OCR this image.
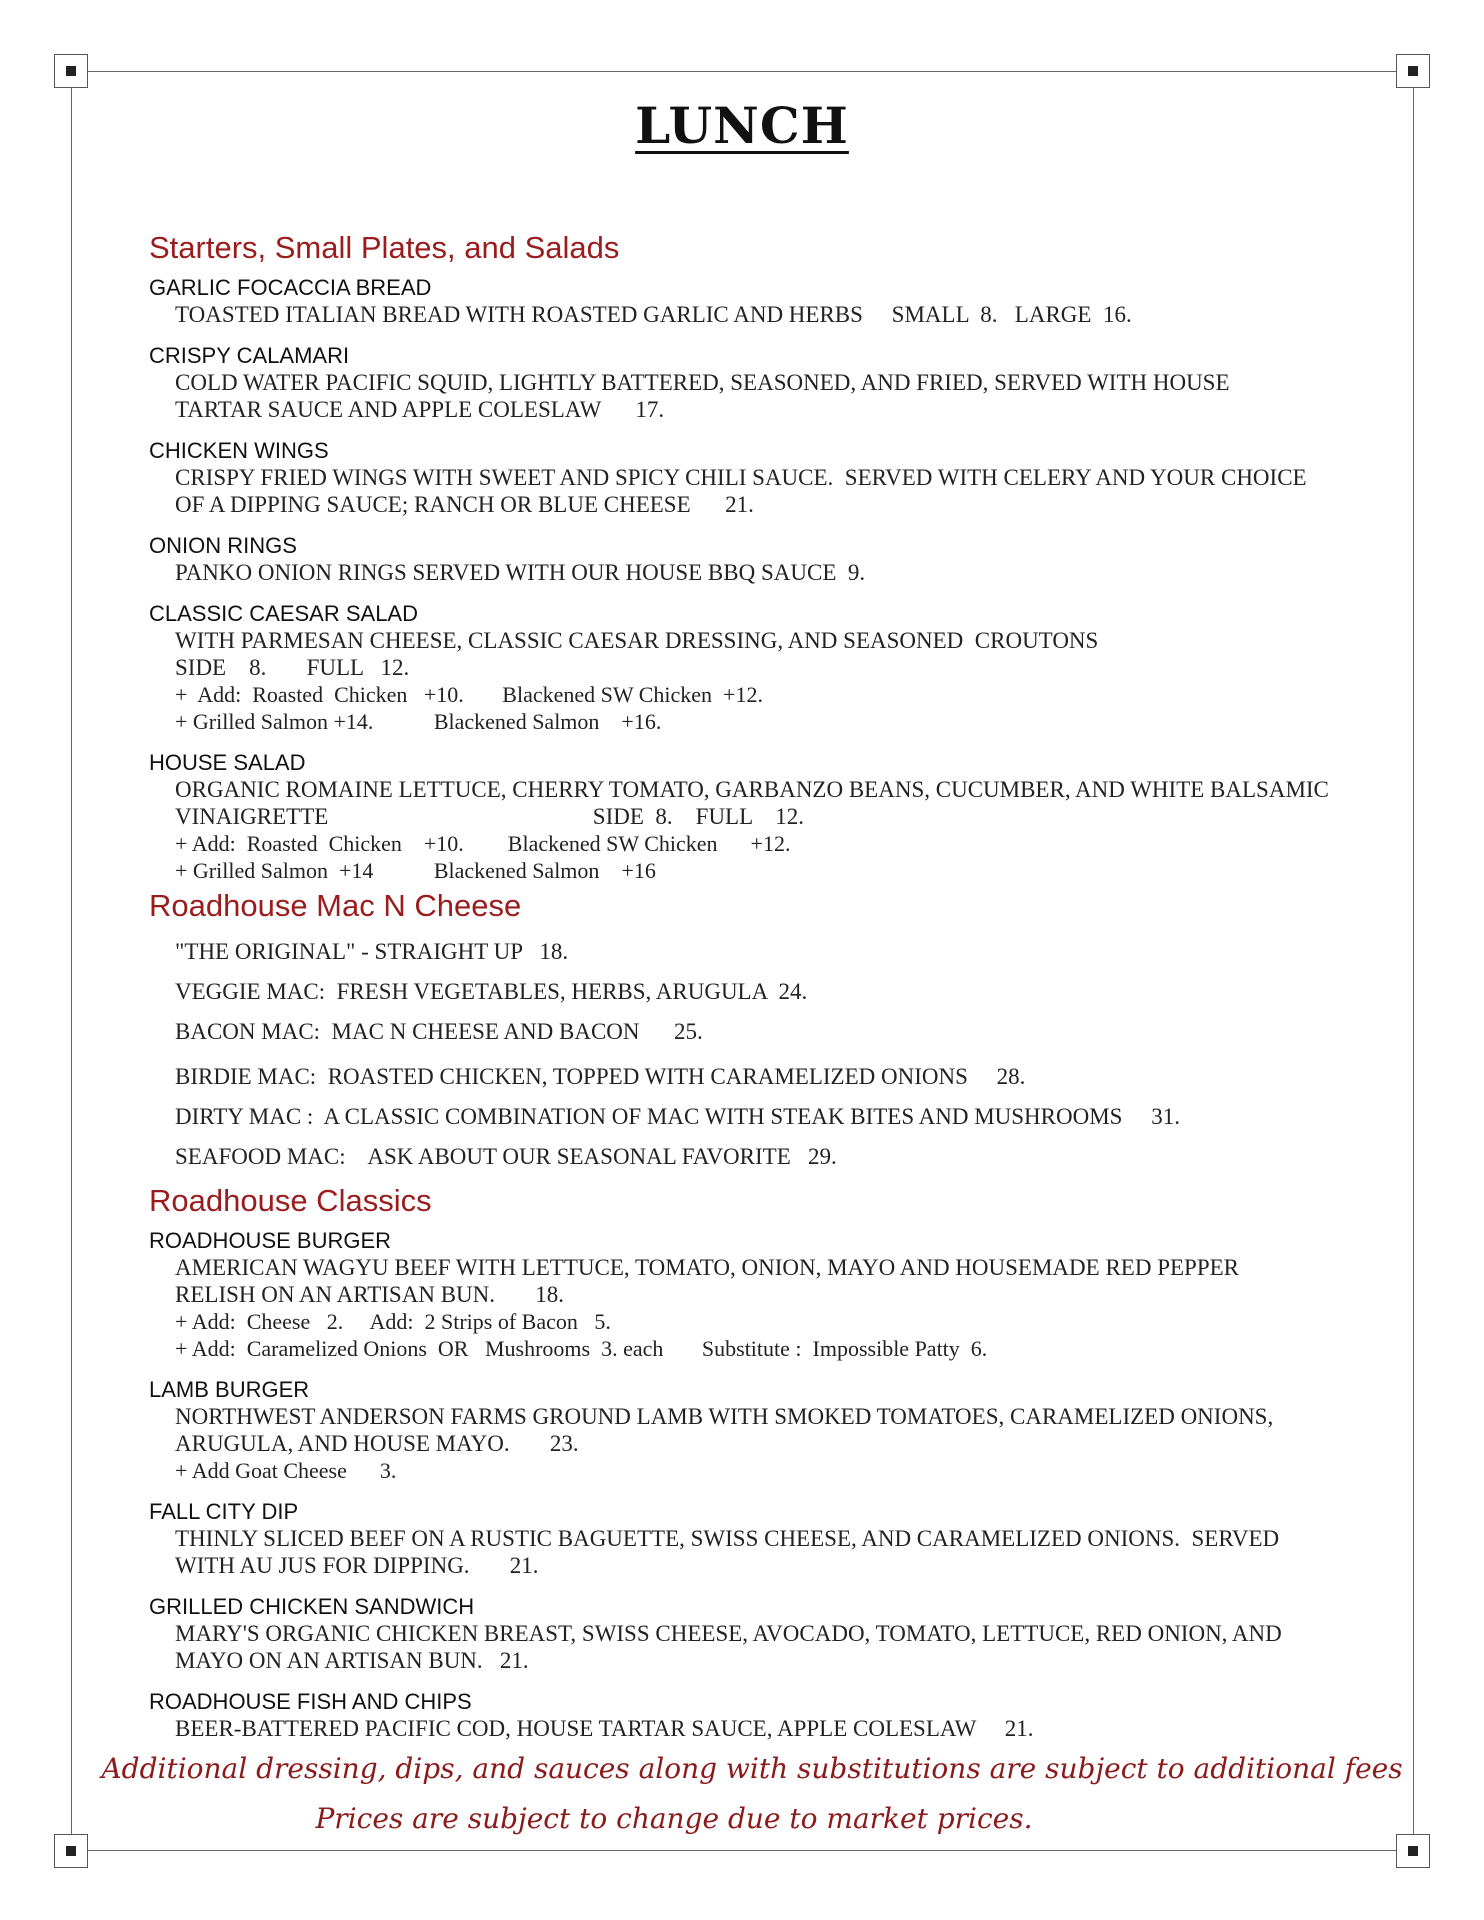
LUNCH
Starters, Small Plates, and Salads
GARLIC FOCACCIA BREAD
TOASTED ITALIAN BREAD WITH ROASTED GARLIC AND HERBS     SMALL  8.   LARGE  16.
CRISPY CALAMARI
COLD WATER PACIFIC SQUID, LIGHTLY BATTERED, SEASONED, AND FRIED, SERVED WITH HOUSE
TARTAR SAUCE AND APPLE COLESLAW      17.
CHICKEN WINGS
CRISPY FRIED WINGS WITH SWEET AND SPICY CHILI SAUCE.  SERVED WITH CELERY AND YOUR CHOICE
OF A DIPPING SAUCE; RANCH OR BLUE CHEESE      21.
ONION RINGS
PANKO ONION RINGS SERVED WITH OUR HOUSE BBQ SAUCE  9.
CLASSIC CAESAR SALAD
WITH PARMESAN CHEESE, CLASSIC CAESAR DRESSING, AND SEASONED  CROUTONS
SIDE    8.       FULL   12.
+  Add:  Roasted  Chicken   +10.       Blackened SW Chicken  +12.
+ Grilled Salmon +14.           Blackened Salmon    +16.
HOUSE SALAD
ORGANIC ROMAINE LETTUCE, CHERRY TOMATO, GARBANZO BEANS, CUCUMBER, AND WHITE BALSAMIC
VINAIGRETTE                                              SIDE  8.    FULL    12.
+ Add:  Roasted  Chicken    +10.        Blackened SW Chicken      +12.
+ Grilled Salmon  +14           Blackened Salmon    +16
Roadhouse Mac N Cheese
"THE ORIGINAL" - STRAIGHT UP   18.
VEGGIE MAC:  FRESH VEGETABLES, HERBS, ARUGULA  24.
BACON MAC:  MAC N CHEESE AND BACON      25.
BIRDIE MAC:  ROASTED CHICKEN, TOPPED WITH CARAMELIZED ONIONS     28.
DIRTY MAC :  A CLASSIC COMBINATION OF MAC WITH STEAK BITES AND MUSHROOMS     31.
SEAFOOD MAC:    ASK ABOUT OUR SEASONAL FAVORITE   29.
Roadhouse Classics
ROADHOUSE BURGER
AMERICAN WAGYU BEEF WITH LETTUCE, TOMATO, ONION, MAYO AND HOUSEMADE RED PEPPER
RELISH ON AN ARTISAN BUN.       18.
+ Add:  Cheese   2.     Add:  2 Strips of Bacon   5.
+ Add:  Caramelized Onions  OR   Mushrooms  3. each       Substitute :  Impossible Patty  6.
LAMB BURGER
NORTHWEST ANDERSON FARMS GROUND LAMB WITH SMOKED TOMATOES, CARAMELIZED ONIONS,
ARUGULA, AND HOUSE MAYO.       23.
+ Add Goat Cheese      3.
FALL CITY DIP
THINLY SLICED BEEF ON A RUSTIC BAGUETTE, SWISS CHEESE, AND CARAMELIZED ONIONS.  SERVED
WITH AU JUS FOR DIPPING.       21.
GRILLED CHICKEN SANDWICH
MARY'S ORGANIC CHICKEN BREAST, SWISS CHEESE, AVOCADO, TOMATO, LETTUCE, RED ONION, AND
MAYO ON AN ARTISAN BUN.   21.
ROADHOUSE FISH AND CHIPS
BEER-BATTERED PACIFIC COD, HOUSE TARTAR SAUCE, APPLE COLESLAW     21.
Additional dressing, dips, and sauces along with substitutions are subject to additional fees
Prices are subject to change due to market prices.
